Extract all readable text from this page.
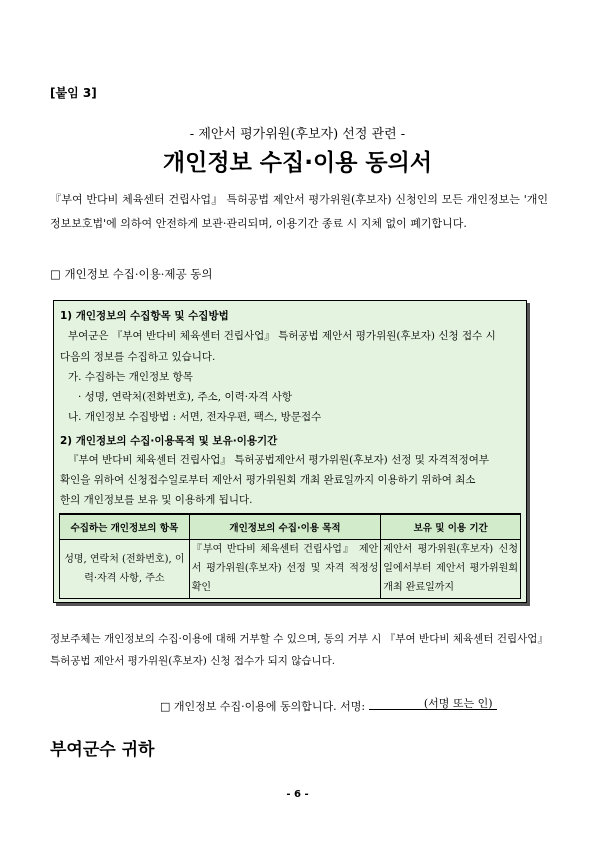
[붙임 3]
- 제안서 평가위원(후보자) 선정 관련 -
개인정보 수집·이용 동의서
『부여 반다비 체육센터 건립사업』 특허공법 제안서 평가위원(후보자) 신청인의 모든 개인정보는 '개인정보보호법'에 의하여 안전하게 보관·관리되며, 이용기간 종료 시 지체 없이 폐기합니다.
□ 개인정보 수집·이용·제공 동의
1) 개인정보의 수집항목 및 수집방법
부여군은 『부여 반다비 체육센터 건립사업』 특허공법 제안서 평가위원(후보자) 신청 접수 시
다음의 정보를 수집하고 있습니다.
가. 수집하는 개인정보 항목
· 성명, 연락처(전화번호), 주소, 이력·자격 사항
나. 개인정보 수집방법 : 서면, 전자우편, 팩스, 방문접수
2) 개인정보의 수집·이용목적 및 보유·이용기간
『부여 반다비 체육센터 건립사업』 특허공법제안서 평가위원(후보자) 선정 및 자격적정여부
확인을 위하여 신청접수일로부터 제안서 평가위원회 개최 완료일까지 이용하기 위하여 최소
한의 개인정보를 보유 및 이용하게 됩니다.
수집하는 개인정보의 항목	개인정보의 수집·이용 목적	보유 및 이용 기간
성명, 연락처 (전화번호), 이력·자격 사항, 주소	『부여 반다비 체육센터 건립사업』 제안서 평가위원(후보자) 선정 및 자격 적정성 확인	제안서 평가위원(후보자) 신청일에서부터 제안서 평가위원회 개최 완료일까지
정보주체는 개인정보의 수집·이용에 대해 거부할 수 있으며, 동의 거부 시 『부여 반다비 체육센터 건립사업』 특허공법 제안서 평가위원(후보자) 신청 접수가 되지 않습니다.
□ 개인정보 수집·이용에 동의합니다. 서명:	(서명 또는 인)
부여군수 귀하
- 6 -
